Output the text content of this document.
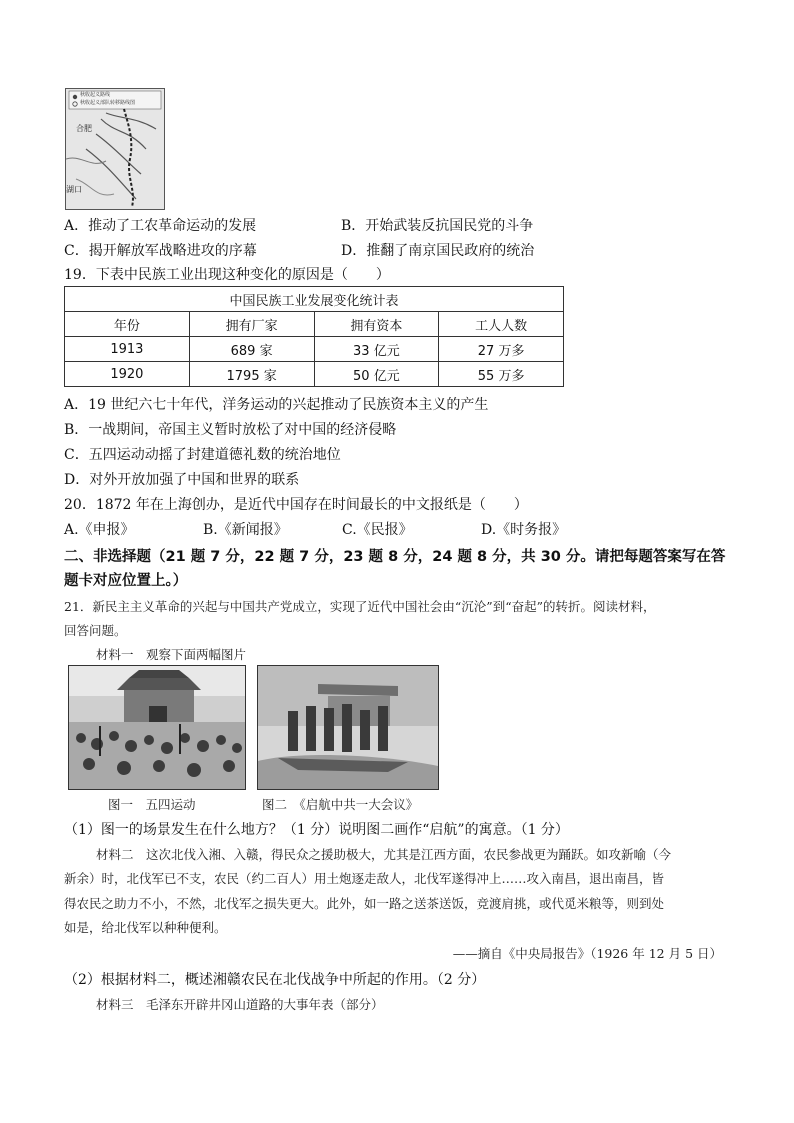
秋收起义路线
秋收起义部队转移路线图
合肥
湖口
A．推动了工农革命运动的发展	B．开始武装反抗国民党的斗争
C．揭开解放军战略进攻的序幕	D．推翻了南京国民政府的统治
19．下表中民族工业出现这种变化的原因是（　　）
中国民族工业发展变化统计表			
年份	拥有厂家	拥有资本	工人人数
1913	689 家	33 亿元	27 万多
1920	1795 家	50 亿元	55 万多
A．19 世纪六七十年代，洋务运动的兴起推动了民族资本主义的产生
B．一战期间，帝国主义暂时放松了对中国的经济侵略
C．五四运动动摇了封建道德礼数的统治地位
D．对外开放加强了中国和世界的联系
20．1872 年在上海创办，是近代中国存在时间最长的中文报纸是（　　）
A.《申报》	B.《新闻报》	C.《民报》	D.《时务报》
二、非选择题（21 题 7 分，22 题 7 分，23 题 8 分，24 题 8 分，共 30 分。请把每题答案写在答
题卡对应位置上。）
21．新民主主义革命的兴起与中国共产党成立，实现了近代中国社会由“沉沦”到“奋起”的转折。阅读材料，
回答问题。
材料一　观察下面两幅图片
图一　五四运动	图二　《启航中共一大会议》
（1）图一的场景发生在什么地方？（1 分）说明图二画作“启航”的寓意。（1 分）
材料二　这次北伐入湘、入赣，得民众之援助极大，尤其是江西方面，农民参战更为踊跃。如攻新喻（今
新余）时，北伐军已不支，农民（约二百人）用土炮逐走敌人，北伐军遂得冲上……攻入南昌，退出南昌，皆
得农民之助力不小，不然，北伐军之损失更大。此外，如一路之送茶送饭，竞渡肩挑，或代觅米粮等，则到处
如是，给北伐军以种种便利。
——摘自《中央局报告》（1926 年 12 月 5 日）
（2）根据材料二，概述湘赣农民在北伐战争中所起的作用。（2 分）
材料三　毛泽东开辟井冈山道路的大事年表（部分）
